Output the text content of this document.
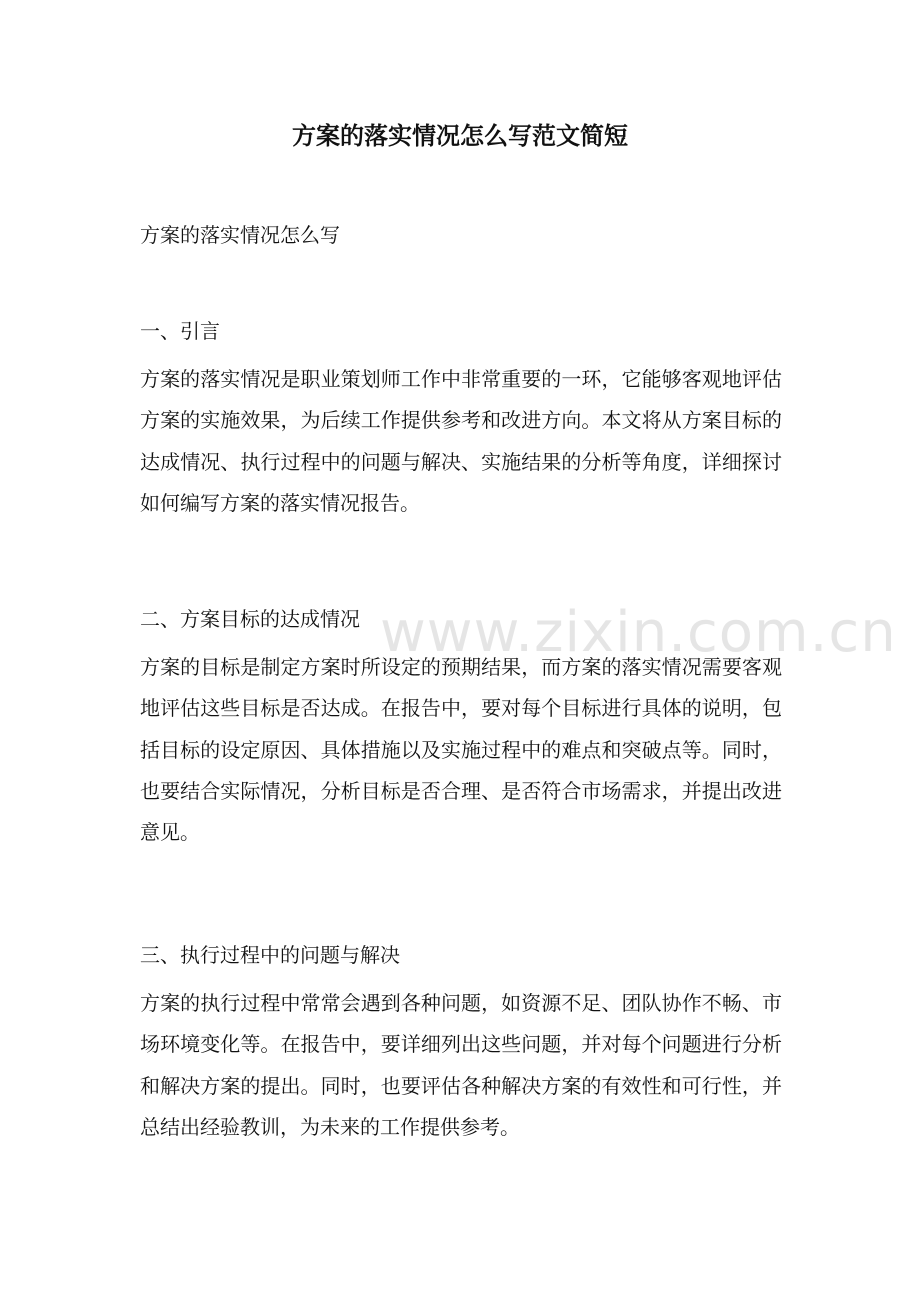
方案的落实情况怎么写范文简短

方案的落实情况怎么写

一、引言

方案的落实情况是职业策划师工作中非常重要的一环，它能够客观地评估方案的实施效果，为后续工作提供参考和改进方向。本文将从方案目标的达成情况、执行过程中的问题与解决、实施结果的分析等角度，详细探讨如何编写方案的落实情况报告。

二、方案目标的达成情况

方案的目标是制定方案时所设定的预期结果，而方案的落实情况需要客观地评估这些目标是否达成。在报告中，要对每个目标进行具体的说明，包括目标的设定原因、具体措施以及实施过程中的难点和突破点等。同时，也要结合实际情况，分析目标是否合理、是否符合市场需求，并提出改进意见。

三、执行过程中的问题与解决

方案的执行过程中常常会遇到各种问题，如资源不足、团队协作不畅、市场环境变化等。在报告中，要详细列出这些问题，并对每个问题进行分析和解决方案的提出。同时，也要评估各种解决方案的有效性和可行性，并总结出经验教训，为未来的工作提供参考。

www.zixin.com.cn
